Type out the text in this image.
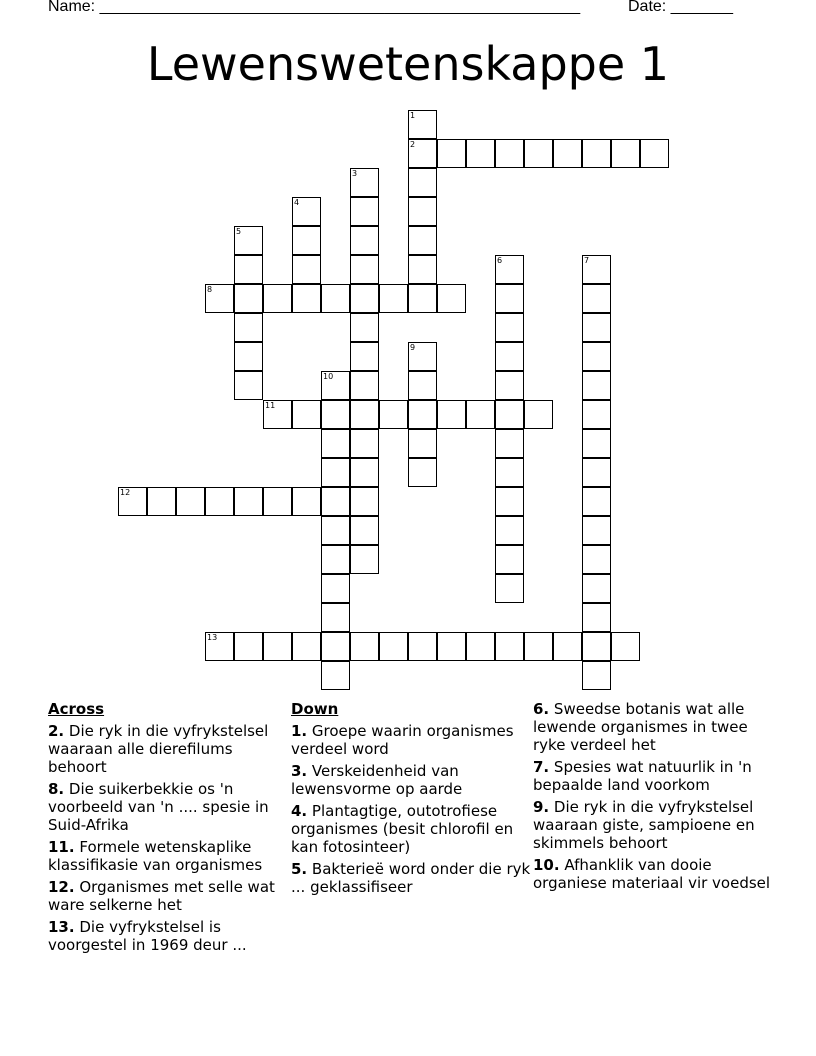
Name: ______________________________________________________	Date: _______
Lewenswetenskappe 1
1
2
3
4
5
6	7
8
9
10
11
12
13
Across
2. Die ryk in die vyfrykstelsel waaraan alle dierefilums behoort
8. Die suikerbekkie os 'n voorbeeld van 'n .... spesie in Suid-Afrika
11. Formele wetenskaplike klassifikasie van organismes
12. Organismes met selle wat ware selkerne het
13. Die vyfrykstelsel is voorgestel in 1969 deur ...
Down
1. Groepe waarin organismes verdeel word
3. Verskeidenheid van lewensvorme op aarde
4. Plantagtige, outotrofiese organismes (besit chlorofil en kan fotosinteer)
5. Bakterieë word onder die ryk ... geklassifiseer
6. Sweedse botanis wat alle lewende organismes in twee ryke verdeel het
7. Spesies wat natuurlik in 'n bepaalde land voorkom
9. Die ryk in die vyfrykstelsel waaraan giste, sampioene en skimmels behoort
10. Afhanklik van dooie organiese materiaal vir voedsel
